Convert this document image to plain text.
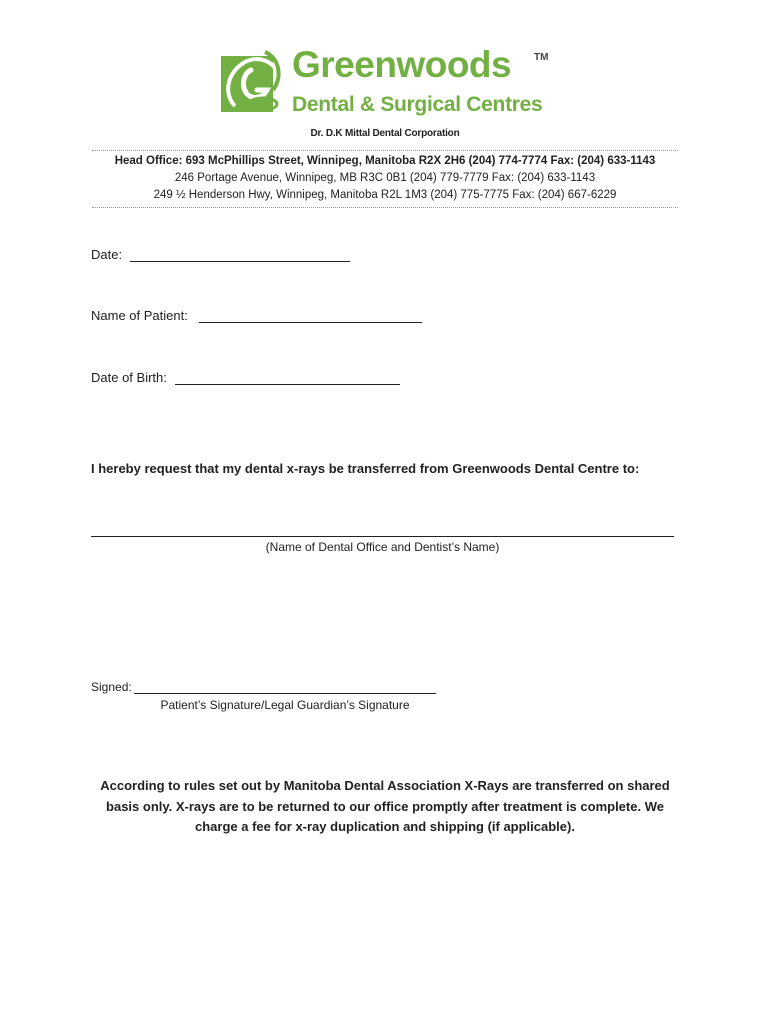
Greenwoods TM
Dental & Surgical Centres
Dr. D.K Mittal Dental Corporation
Head Office: 693 McPhillips Street, Winnipeg, Manitoba R2X 2H6 (204) 774-7774 Fax: (204) 633-1143
246 Portage Avenue, Winnipeg, MB R3C 0B1 (204) 779-7779 Fax: (204) 633-1143
249 ½ Henderson Hwy, Winnipeg, Manitoba R2L 1M3 (204) 775-7775 Fax: (204) 667-6229
Date:
Name of Patient:
Date of Birth:
I hereby request that my dental x-rays be transferred from Greenwoods Dental Centre to:
(Name of Dental Office and Dentist’s Name)
Signed:
Patient’s Signature/Legal Guardian’s Signature
According to rules set out by Manitoba Dental Association X-Rays are transferred on shared
basis only. X-rays are to be returned to our office promptly after treatment is complete. We
charge a fee for x-ray duplication and shipping (if applicable).
